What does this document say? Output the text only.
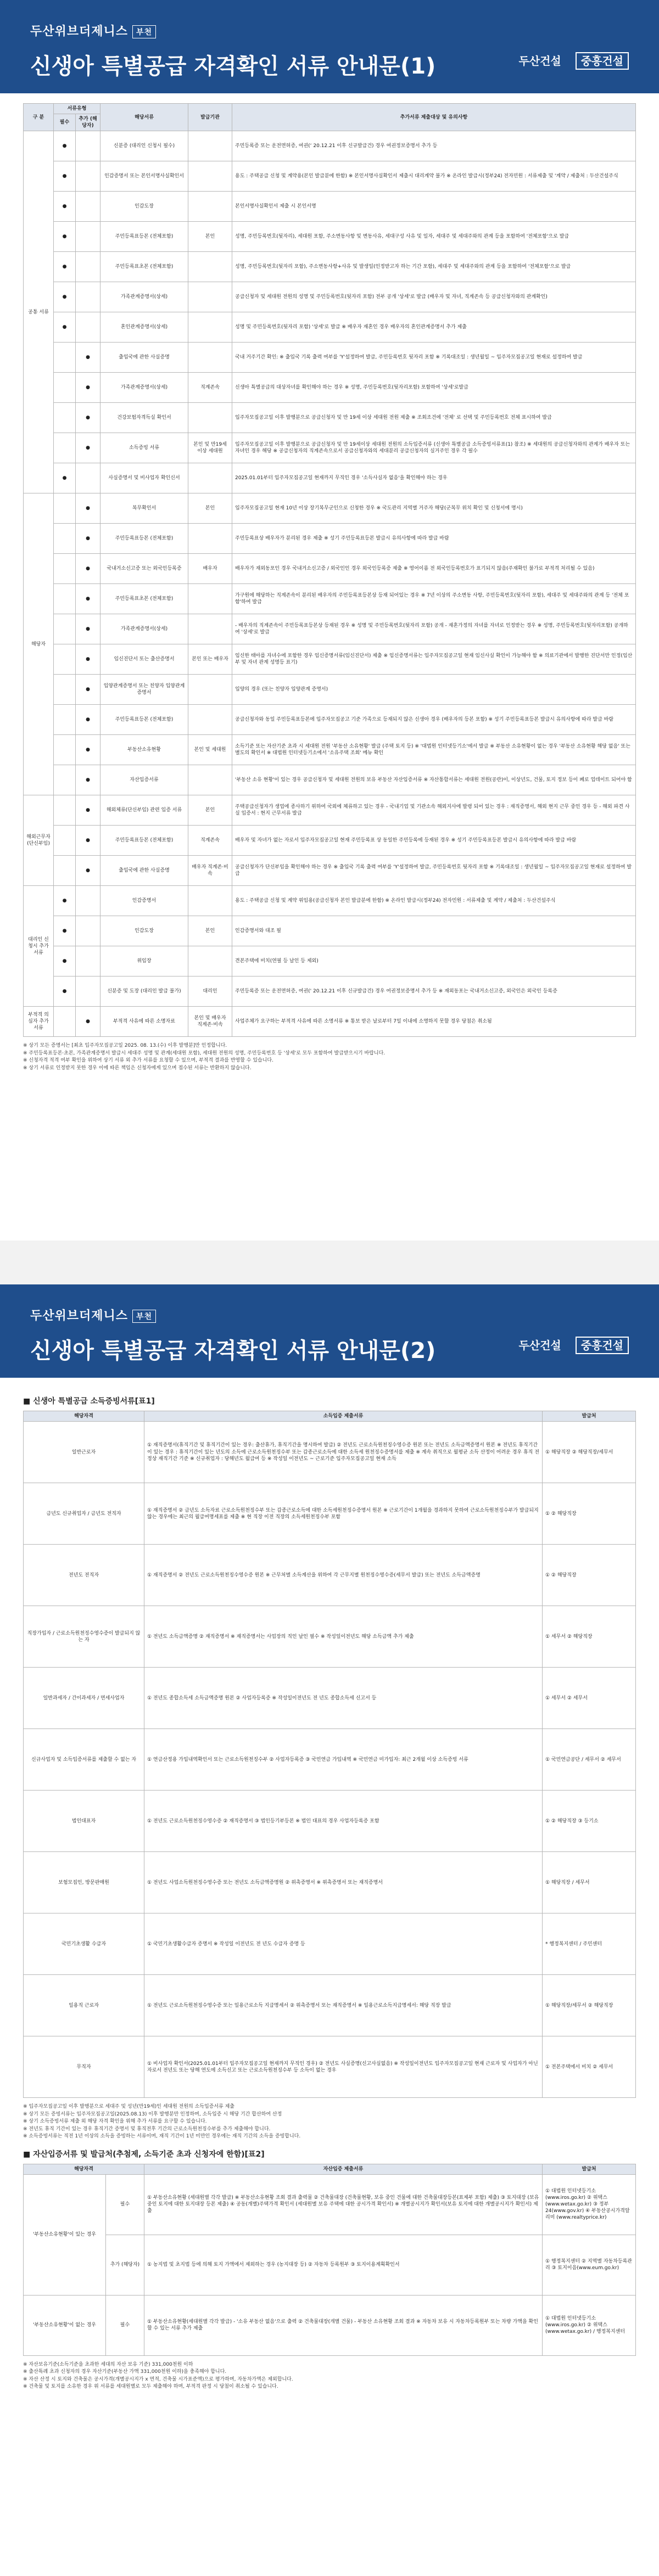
두산위브더제니스 부천
신생아 특별공급 자격확인 서류 안내문(1)	두산건설 중흥건설
구 분	서류유형		해당서류	발급기관	추가서류 제출대상 및 유의사항
	필수	추가 (해당자)			
공통 서류	●		신분증 (대리인 신청시 필수)		주민등록증 또는 운전면허증, 여권(‘ 20.12.21 이후 신규발급건) 경우 여권정보증명서 추가 등
	●		인감증명서 또는 본인서명사실확인서		용도 : 주택공급 신청 및 계약용(본인 발급분에 한함) ※ 본인서명사실확인서 제출시 대리계약 불가 ※ 온라인 발급시(정부24) 전자민원 : 서류제출 및 '계약 / 제출처 : 두산건설주식
	●		인감도장		본인서명사실확인서 제출 시 본인서명
	●		주민등록표등본 (전체포함)	본인	성명, 주민등록번호(뒷자리), 세대원 포함, 주소변동사항 및 변동사유, 세대구성 사유 및 일자, 세대주 및 세대주와의 관계 등을 포함하여 '전체포함'으로 발급
	●		주민등록표초본 (전체포함)		성명, 주민등록번호(뒷자리 포함), 주소변동사항+사유 및 발생일(인정받고자 하는 기간 포함), 세대주 및 세대주와의 관계 등을 포함하여 '전체포함'으로 발급
	●		가족관계증명서(상세)		공급신청자 및 세대원 전원의 성명 및 주민등록번호(뒷자리 포함) 전부 공개 '상세'로 발급 (배우자 및 자녀, 직계존속 등 공급신청자와의 관계확인)
	●		혼인관계증명서(상세)		성명 및 주민등록번호(뒷자리 포함) '상세'로 발급 ※ 배우자 재혼인 경우 배우자의 혼인관계증명서 추가 제출
		●	출입국에 관한 사실증명		국내 거주기간 확인: ※ 출입국 기록 출력 여부를 'Y'설정하여 발급, 주민등록번호 뒷자리 포함 ※ 기록대조일 : 생년월일 ~ 입주자모집공고일 현재로 설정하여 발급
		●	가족관계증명서(상세)	직계존속	신생아 특별공급의 대상자녀를 확인해야 하는 경우 ※ 성명, 주민등록번호(뒷자리포함) 포함하여 '상세'로발급
		●	건강보험자격득실 확인서		입주자모집공고일 이후 발행분으로 공급신청자 및 만 19세 이상 세대원 전원 제출 ※ 조회조건에 '전체' 로 선택 및 주민등록번호 전체 표시하여 발급
		●	소득증빙 서류	본인 및 만19세 이상 세대원	입주자모집공고일 이후 발행분으로 공급신청자 및 만 19세이상 세대원 전원의 소득입증서류 (신생아 특별공급 소득증빙서류표(1) 참조) ※ 세대원의 공급신청자와의 관계가 배우자 또는 자녀인 경우 해당 ※ 공급신청자의 직계존속으로서 공급신청자와의 세대분리 공급신청자의 실거주인 경우 각 필수
	●		사실증명서 및 비사업자 확인신서		2025.01.01부터 입주자모집공고일 현재까지 무직인 경우 '소득사실자 없음'을 확인해야 하는 경우
해당자		●	복무확인서	본인	입주자모집공고일 현재 10년 이상 장기복무군인으로 신청한 경우 ※ 국도관리 지역별 거주자 해당(군복무 위치 확인 및 신청서에 명시)
		●	주민등록표등본 (전체포함)		주민등록표상 배우자가 분리된 경우 제출 ※ 성기 주민등록표등본 발급시 유의사항에 따라 발급 바람
		●	국내거소신고증 또는 외국인등록증	배우자	배우자가 재외동포인 경우 국내거소신고증 / 외국인인 경우 외국인등록증 제출 ※ 영어이름 전 외국인등록번호가 표기되지 않음(주재확인 불가로 부적격 처리될 수 있음)
		●	주민등록표초본 (전체포함)		가구원에 해당하는 직계존속이 분리된 배우자의 주민등록표등본상 등재 되어있는 경우 ※ 7년 이상의 주소변동 사항, 주민등록번호(뒷자리 포함), 세대주 및 세대주와의 관계 등 '전체 포함'하여 발급
		●	가족관계증명서(상세)		- 배우자의 직계존속이 주민등록표등본상 등재된 경우 ※ 성명 및 주민등록번호(뒷자리 포함) 공개 - 재혼가정의 자녀를 자녀로 인정받는 경우 ※ 성명, 주민등록번호(뒷자리포함) 공개하여 '상세'로 발급
		●	임신진단서 또는 출산증명서	본인 또는 배우자	임신한 태아를 자녀수에 포함한 경우 임신증명서류(임신진단서) 제출 ※ 임신증명서류는 입주자모집공고일 현재 임신사실 확인이 가능해야 함 ※ 의료기관에서 발행한 진단서만 인정(임산부 및 자녀 관계 성명등 표기)
		●	입양관계증명서 또는 친양자 입양관계증명서		입양의 경우 (또는 친양자 입양관계 증명서)
		●	주민등록표등본 (전체포함)		공급신청자와 동일 주민등록표등본에 입주자모집공고 기준 가족으로 등재되지 않은 신생아 경우 (배우자의 등본 포함) ※ 성기 주민등록표등본 발급시 유의사항에 따라 발급 바람
		●	부동산소유현황	본인 및 세대원	소득기준 또는 자산기준 초과 시 세대원 전원 '부동산 소유현황' 발급 (주택 토지 등) ※ '대법원 인터넷등기소'에서 발급 ※ 부동산 소유현황이 없는 경우 '부동산 소유현황 해당 없음' 또는 별도의 확인서 ※ 대법원 인터넷등기소에서 '소유주택 조회' 메뉴 확인
		●	자산입증서류		'부동산 소유 현황'이 있는 경우 공급신청자 및 세대원 전원의 보유 부동산 자산입증서류 ※ 자산통합서류는 세대원 전원(공란)이, 이상년도, 건물, 토지 정보 등이 폐로 업데이트 되어야 함
해외근무자 (단신부임)		●	해외체류(단신부임) 관련 입증 서류	본인	주택공급신청자가 생업에 종사하기 위하여 국외에 체류하고 있는 경우 - 국내기업 및 기관소속 해외지사에 발령 되어 있는 경우 : 재직증명서, 해외 현지 근무 중인 경우 등 - 해외 파견 사실 입증서 : 현지 근무서류 발급
		●	주민등록표등본 (전체포함)	직계존속	배우자 및 자녀가 없는 자로서 입주자모집공고일 현재 주민등록표 상 동일한 주민등록에 등재된 경우 ※ 성기 주민등록표등본 발급시 유의사항에 따라 발급 바람
		●	출입국에 관한 사실증명	배우자 직계존·비속	공급신청자가 단신부임을 확인해야 하는 경우 ※ 출입국 기록 출력 여부를 'Y'설정하여 발급, 주민등록번호 뒷자리 포함 ※ 기록대조일 : 생년월일 ~ 입주자모집공고일 현재로 설정하여 발급
대리인 신청시 추가서류	●		인감증명서		용도 : 주택공급 신청 및 계약 위임용(공급신청자 본인 발급분에 한함) ※ 온라인 발급시(정부24) 전자민원 : 서류제출 및 계약 / 제출처 : 두산건설주식
	●		인감도장	본인	인감증명서와 대조 필
	●		위임장		견본주택에 비치(연필 등 날인 등 제외)
	●		신분증 및 도장 (대리인 발급 불가)	대리인	주민등록증 또는 운전면허증, 여권(' 20.12.21 이후 신규발급건) 경우 여권정보증명서 추가 등 ※ 재외동포는 국내거소신고증, 외국인은 외국인 등록증
부적격 의심자 추가서류		●	부적격 사유에 따른 소명자료	본인 및 배우자 직계존·비속	사업주체가 요구하는 부적격 사유에 따른 소명서류 ※ 통보 받은 날로부터 7일 이내에 소명하지 못할 경우 당첨은 취소됨
※ 상기 모든 증명서는 [최초 입주자모집공고일 2025. 08. 13.(수) 이후 발행분]만 인정합니다.
※ 주민등록표등본·초본, 가족관계증명서 발급시 세대주 성명 및 관계(세대원 포함), 세대원 전원의 성명, 주민등록번호 등 '상세'로 모두 포함하여 발급받으시기 바랍니다.
※ 신청자격 적격 여부 확인을 위하여 상기 서류 외 추가 서류를 요청할 수 있으며, 부적격 결과를 반영할 수 있습니다.
※ 상기 서류로 인정받지 못한 경우 이에 따른 책임은 신청자에게 있으며 접수된 서류는 반환하지 않습니다.
두산위브더제니스 부천
신생아 특별공급 자격확인 서류 안내문(2)	두산건설 중흥건설
■ 신생아 특별공급 소득증빙서류[표1]
해당자격	소득입증 제출서류	발급처
일반근로자	① 재직증명서(휴직기간 및 휴직기간이 있는 경우: 출산휴가, 휴직기간을 명시하여 발급) ② 전년도 근로소득원천징수영수증 원본 또는 전년도 소득금액증명서 원본 ※ 전년도 휴직기간이 있는 경우 : 휴직기간이 있는 년도의 소득에 근로소득원천징수부 또는 갑종근로소득에 대한 소득세 원천징수증명서를 제출 ※ 계속 취직으로 월평균 소득 산정이 어려운 경우 휴직 전 정상 재직기간 기준 ※ 신규취업자 : 당해년도 월급여 등 ※ 작성일 이전년도 ~ 근로기준 입주자모집공고일 현재 소득	① 해당직장 ② 해당직장/세무서
금년도 신규취업자 / 금년도 전직자	① 재직증명서 ② 금년도 소득자료 근로소득원천징수부 또는 갑종근로소득에 대한 소득세원천징수증명서 원본 ※ 근로기간이 1개월을 경과하지 못하여 근로소득원천징수부가 발급되지 않는 경우에는 최근의 월급여명세표를 제출 ※ 현 직장 이전 직장의 소득세원천징수부 포함	① ② 해당직장
전년도 전직자	① 재직증명서 ② 전년도 근로소득원천징수영수증 원본 ※ 근무처별 소득계산을 위하여 각 근무지별 원천징수영수증(세무서 발급) 또는 전년도 소득금액증명	① ② 해당직장
직장가입자 / 근로소득원천징수영수증이 발급되지 않는 자	① 전년도 소득금액증명 ② 재직증명서 ※ 재직증명서는 사업장의 직인 날인 필수 ※ 작성일이전년도 해당 소득금액 추가 제출	① 세무서 ② 해당직장
일반과세자 / 간이과세자 / 면세사업자	① 전년도 종합소득세 소득금액증명 원본 ② 사업자등록증 ※ 작성일이전년도 전 년도 종합소득세 신고서 등	① 세무서 ② 세무서
신규사업자 및 소득입증서류를 제출할 수 없는 자	① 연금산정용 가입내역확인서 또는 근로소득원천징수부 ② 사업자등록증 ③ 국민연금 가입내역 ※ 국민연금 미가입자: 최근 2개월 이상 소득증빙 서류	① 국민연금공단 / 세무서 ② 세무서
법인대표자	① 전년도 근로소득원천징수영수증 ② 재직증명서 ③ 법인등기부등본 ※ 법인 대표의 경우 사업자등록증 포함	① ② 해당직장 ③ 등기소
보험모집인, 방문판매원	① 전년도 사업소득원천징수영수증 또는 전년도 소득금액증명원 ② 위촉증명서 ※ 위촉증명서 또는 재직증명서	① 해당직장 / 세무서
국민기초생활 수급자	① 국민기초생활수급자 증명서 ※ 작성일 이전년도 전 년도 수급자 증명 등	* 행정복지센터 / 주민센터
일용직 근로자	① 전년도 근로소득원천징수영수증 또는 일용근로소득 지급명세서 ② 위촉증명서 또는 재직증명서 ※ 일용근로소득지급명세서: 해당 직장 발급	① 해당직장/세무서 ② 해당직장
무직자	① 비사업자 확인서(2025.01.01부터 입주자모집공고일 현재까지 무직인 경우) ② 전년도 사실증명(신고사실없음) ※ 작성일이전년도 입주자모집공고일 현재 근로자 및 사업자가 아닌 자로서 전년도 또는 당해 연도에 소득신고 또는 근로소득원천징수부 등 소득이 없는 경우	① 전본주택에서 비치 ② 세무서
※ 입주자모집공고일 이후 발행분으로 세대주 및 성년(만19세)인 세대원 전원의 소득입증서류 제출
※ 상기 모든 증빙서류는 입주자모집공고일(2025.08.13) 이후 발행분만 인정하며, 소득입증 시 해당 기간 합산하여 산정
※ 상기 소득증빙서류 제출 외 해당 자격 확인을 위해 추가 서류를 요구할 수 있습니다.
※ 전년도 휴직 기간이 있는 경우 휴직기간 증명서 및 휴직전후 기간의 근로소득원천징수부를 추가 제출해야 합니다.
※ 소득증빙서류는 직전 1년 이상의 소득을 증빙하는 서류이며, 재직 기간이 1년 미만인 경우에는 재직 기간의 소득을 증빙합니다.
■ 자산입증서류 및 발급처(추첨제, 소득기준 초과 신청자에 한함)[표2]
해당자격		자산입증 제출서류	발급처
'부동산소유현황'이 있는 경우	필수	① 부동산소유현황 (세대원별 각각 발급) ※ 부동산소유현황 조회 결과 출력물 ② 건축물대장 (건축물현황, 보유 중인 건물에 대한 건축물대장등본(표제부 포함) 제출) ③ 토지대장 (보유 중인 토지에 대한 토지대장 등본 제출) ④ 공동(개별)주택가격 확인서 (세대원별 보유 주택에 대한 공시가격 확인서) ※ 개별공시지가 확인서(보유 토지에 대한 개별공시지가 확인서) 제출	① 대법원 인터넷등기소 (www.iros.go.kr) ② 위택스(www.wetax.go.kr) ③ 정부24(www.gov.kr) ④ 부동산공시가격알리미 (www.realtyprice.kr)
	추가 (해당자)	① 농지법 및 초지법 등에 의해 토지 가액에서 제외하는 경우 (농지대장 등) ② 자동차 등록원부 ③ 토지이용계획확인서	① 행정복지센터 ② 지역별 자동차등록관리 ③ 토지이음(www.eum.go.kr)
'부동산소유현황'이 없는 경우	필수	① 부동산소유현황(세대원별 각각 발급) - '소유 부동산 없음'으로 출력 ② 건축물대장(개별 건물) - 부동산 소유현황 조회 결과 ※ 자동차 보유 시 자동차등록원부 또는 차량 가액을 확인할 수 있는 서류 추가 제출	① 대법원 인터넷등기소 (www.iros.go.kr) ② 위택스(www.wetax.go.kr) / 행정복지센터
※ 자산보유기준(소득기준을 초과한 세대의 자산 보유 기준) 331,000천원 이하
※ 출산특례 초과 신청자의 경우 자산기준(부동산 가액 331,000천원 이하)을 충족해야 합니다.
※ 자산 산정 시 토지와 건축물은 공시가격(개별공시지가 x 면적, 건축물 시가표준액)으로 평가하며, 자동차가액은 제외합니다.
※ 건축물 및 토지를 소유한 경우 위 서류를 세대원별로 모두 제출해야 하며, 부적격 판정 시 당첨이 취소될 수 있습니다.
